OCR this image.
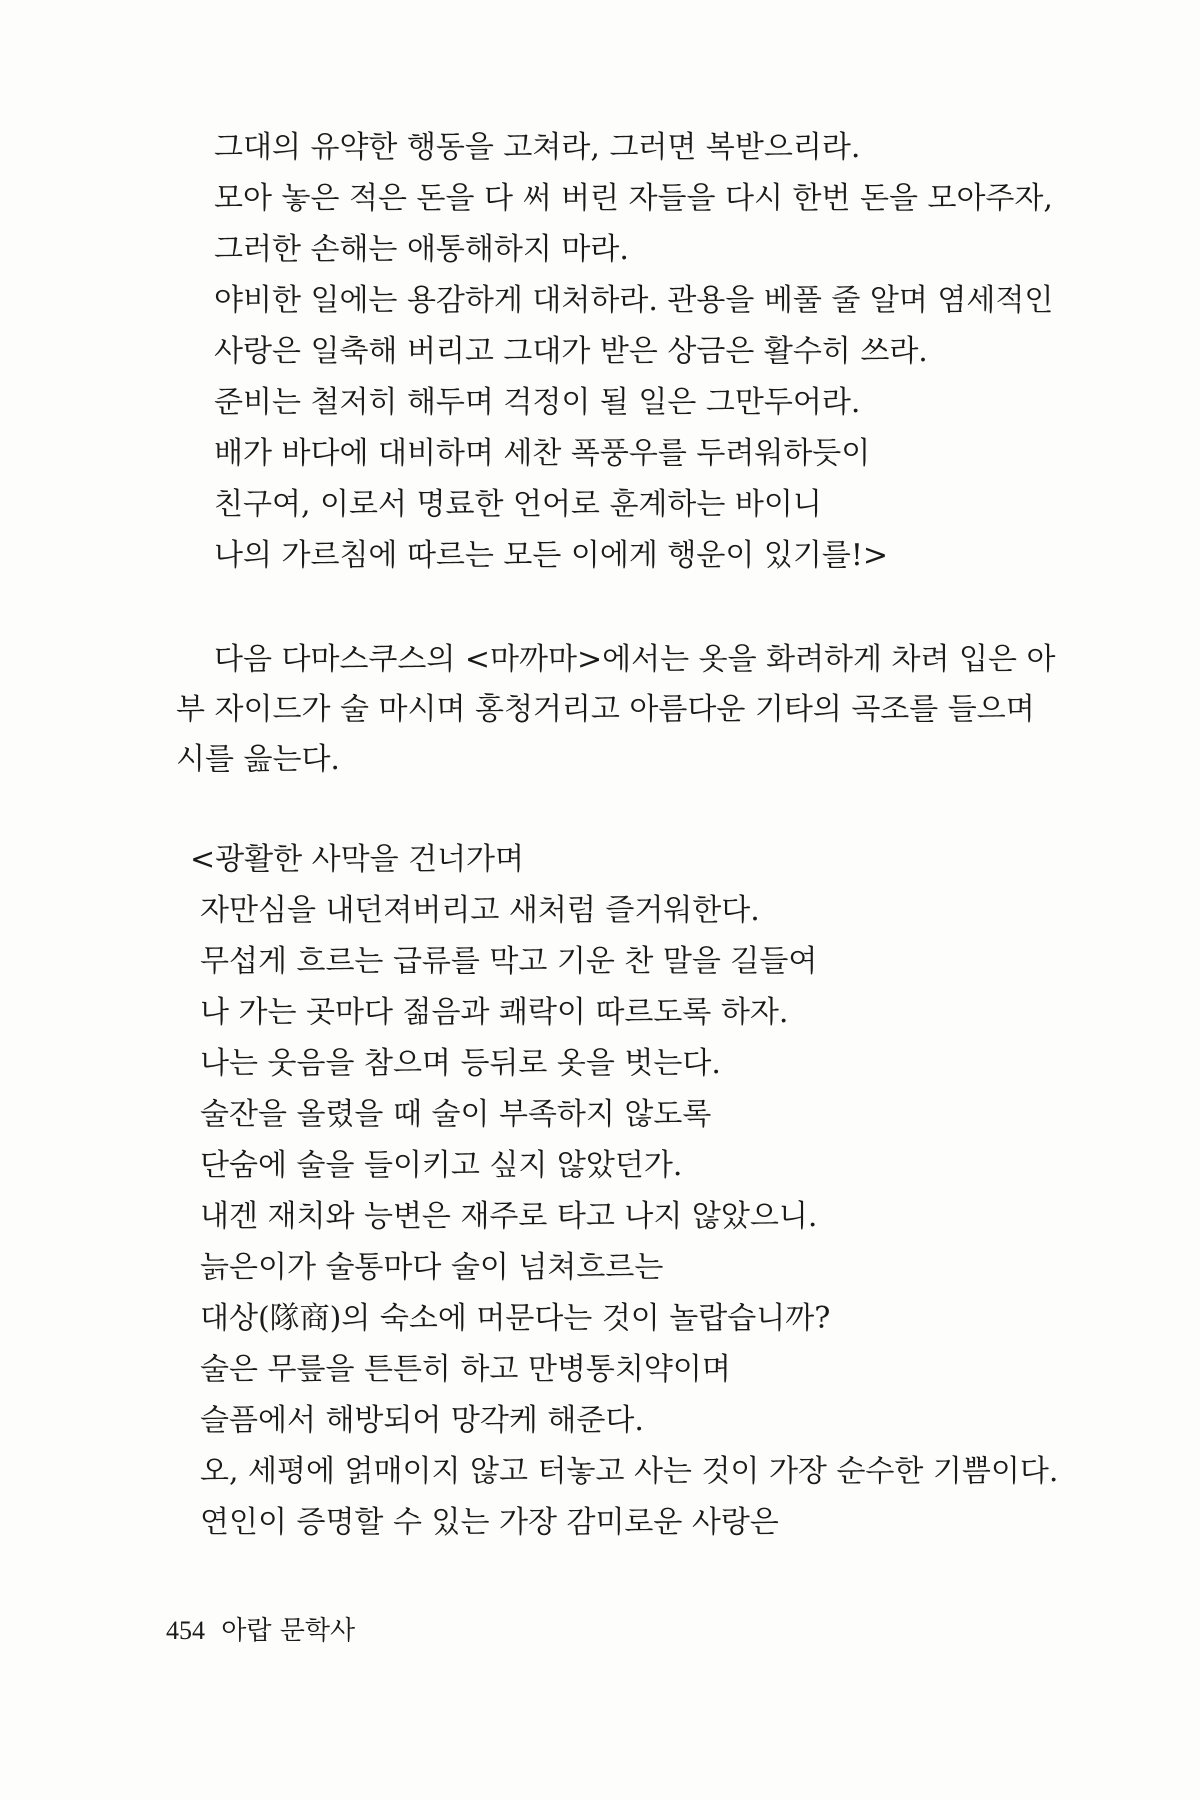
그대의 유약한 행동을 고쳐라, 그러면 복받으리라.
모아 놓은 적은 돈을 다 써 버린 자들을 다시 한번 돈을 모아주자,
그러한 손해는 애통해하지 마라.
야비한 일에는 용감하게 대처하라. 관용을 베풀 줄 알며 염세적인
사랑은 일축해 버리고 그대가 받은 상금은 활수히 쓰라.
준비는 철저히 해두며 걱정이 될 일은 그만두어라.
배가 바다에 대비하며 세찬 폭풍우를 두려워하듯이
친구여, 이로서 명료한 언어로 훈계하는 바이니
나의 가르침에 따르는 모든 이에게 행운이 있기를!>
다음 다마스쿠스의 <마까마>에서는 옷을 화려하게 차려 입은 아
부 자이드가 술 마시며 홍청거리고 아름다운 기타의 곡조를 들으며
시를 읊는다.
<광활한 사막을 건너가며
자만심을 내던져버리고 새처럼 즐거워한다.
무섭게 흐르는 급류를 막고 기운 찬 말을 길들여
나 가는 곳마다 젊음과 쾌락이 따르도록 하자.
나는 웃음을 참으며 등뒤로 옷을 벗는다.
술잔을 올렸을 때 술이 부족하지 않도록
단숨에 술을 들이키고 싶지 않았던가.
내겐 재치와 능변은 재주로 타고 나지 않았으니.
늙은이가 술통마다 술이 넘쳐흐르는
대상(隊商)의 숙소에 머문다는 것이 놀랍습니까?
술은 무릎을 튼튼히 하고 만병통치약이며
슬픔에서 해방되어 망각케 해준다.
오, 세평에 얽매이지 않고 터놓고 사는 것이 가장 순수한 기쁨이다.
연인이 증명할 수 있는 가장 감미로운 사랑은
454 아랍 문학사
